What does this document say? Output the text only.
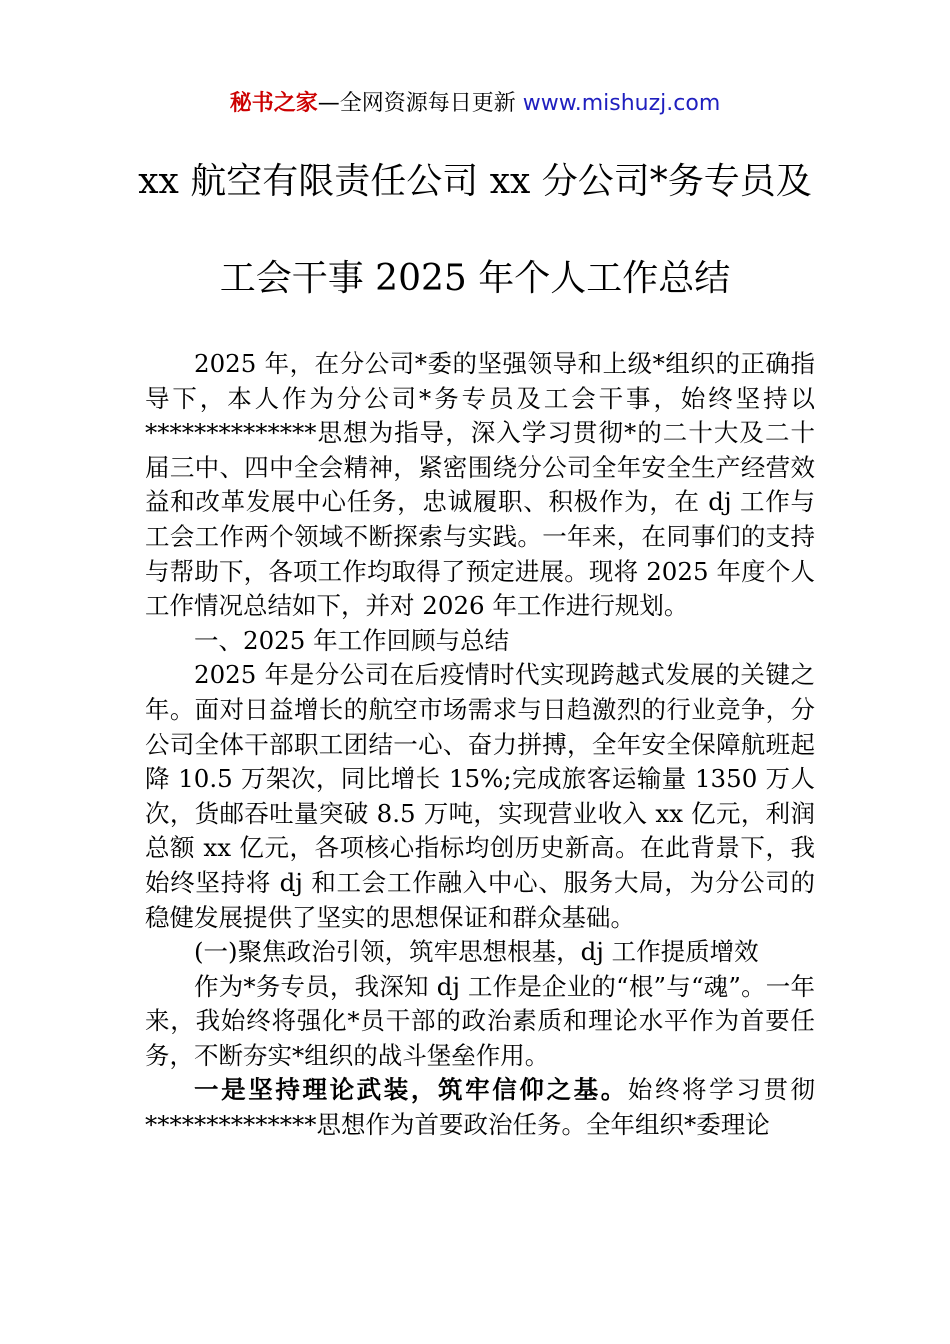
秘书之家—全网资源每日更新 www.mishuzj.com
xx 航空有限责任公司 xx 分公司*务专员及
工会干事 2025 年个人工作总结

2025 年，在分公司*委的坚强领导和上级*组织的正确指导下，本人作为分公司*务专员及工会干事，始终坚持以**************思想为指导，深入学习贯彻*的二十大及二十届三中、四中全会精神，紧密围绕分公司全年安全生产经营效益和改革发展中心任务，忠诚履职、积极作为，在 dj 工作与工会工作两个领域不断探索与实践。一年来，在同事们的支持与帮助下，各项工作均取得了预定进展。现将 2025 年度个人工作情况总结如下，并对 2026 年工作进行规划。

一、2025 年工作回顾与总结

2025 年是分公司在后疫情时代实现跨越式发展的关键之年。面对日益增长的航空市场需求与日趋激烈的行业竞争，分公司全体干部职工团结一心、奋力拼搏，全年安全保障航班起降 10.5 万架次，同比增长 15%;完成旅客运输量 1350 万人次，货邮吞吐量突破 8.5 万吨，实现营业收入 xx 亿元，利润总额 xx 亿元，各项核心指标均创历史新高。在此背景下，我始终坚持将 dj 和工会工作融入中心、服务大局，为分公司的稳健发展提供了坚实的思想保证和群众基础。

(一)聚焦政治引领，筑牢思想根基，dj 工作提质增效

作为*务专员，我深知 dj 工作是企业的“根”与“魂”。一年来，我始终将强化*员干部的政治素质和理论水平作为首要任务，不断夯实*组织的战斗堡垒作用。

一是坚持理论武装，筑牢信仰之基。始终将学习贯彻**************思想作为首要政治任务。全年组织*委理论
